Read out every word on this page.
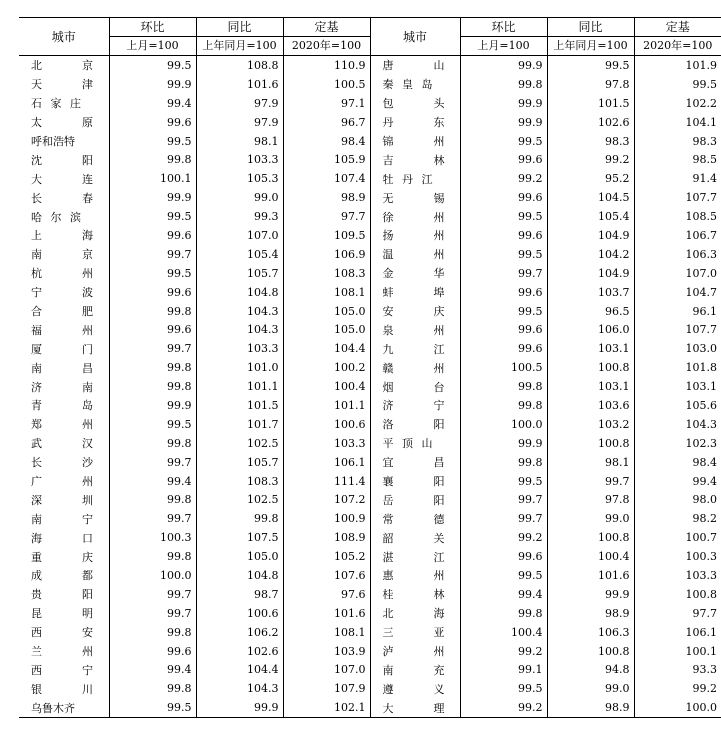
城市	环比	同比	定基	城市	环比	同比	定基
	上月=100	上年同月=100	2020年=100		上月=100	上年同月=100	2020年=100

北 京	99.5	108.8	110.9	唐 山	99.9	99.5	101.9

天 津	99.9	101.6	100.5	秦 皇 岛	99.8	97.8	99.5

石 家 庄	99.4	97.9	97.1	包 头	99.9	101.5	102.2

太 原	99.6	97.9	96.7	丹 东	99.9	102.6	104.1
呼和浩特	99.5	98.1	98.4	锦 州	99.5	98.3	98.3

沈 阳	99.8	103.3	105.9	吉 林	99.6	99.2	98.5

大 连	100.1	105.3	107.4	牡 丹 江	99.2	95.2	91.4

长 春	99.9	99.0	98.9	无 锡	99.6	104.5	107.7

哈 尔 滨	99.5	99.3	97.7	徐 州	99.5	105.4	108.5

上 海	99.6	107.0	109.5	扬 州	99.6	104.9	106.7

南 京	99.7	105.4	106.9	温 州	99.5	104.2	106.3

杭 州	99.5	105.7	108.3	金 华	99.7	104.9	107.0

宁 波	99.6	104.8	108.1	蚌 埠	99.6	103.7	104.7

合 肥	99.8	104.3	105.0	安 庆	99.5	96.5	96.1

福 州	99.6	104.3	105.0	泉 州	99.6	106.0	107.7

厦 门	99.7	103.3	104.4	九 江	99.6	103.1	103.0

南 昌	99.8	101.0	100.2	赣 州	100.5	100.8	101.8

济 南	99.8	101.1	100.4	烟 台	99.8	103.1	103.1

青 岛	99.9	101.5	101.1	济 宁	99.8	103.6	105.6

郑 州	99.5	101.7	100.6	洛 阳	100.0	103.2	104.3

武 汉	99.8	102.5	103.3	平 顶 山	99.9	100.8	102.3

长 沙	99.7	105.7	106.1	宜 昌	99.8	98.1	98.4

广 州	99.4	108.3	111.4	襄 阳	99.5	99.7	99.4

深 圳	99.8	102.5	107.2	岳 阳	99.7	97.8	98.0

南 宁	99.7	99.8	100.9	常 德	99.7	99.0	98.2

海 口	100.3	107.5	108.9	韶 关	99.2	100.8	100.7

重 庆	99.8	105.0	105.2	湛 江	99.6	100.4	100.3

成 都	100.0	104.8	107.6	惠 州	99.5	101.6	103.3

贵 阳	99.7	98.7	97.6	桂 林	99.4	99.9	100.8

昆 明	99.7	100.6	101.6	北 海	99.8	98.9	97.7

西 安	99.8	106.2	108.1	三 亚	100.4	106.3	106.1

兰 州	99.6	102.6	103.9	泸 州	99.2	100.8	100.1

西 宁	99.4	104.4	107.0	南 充	99.1	94.8	93.3

银 川	99.8	104.3	107.9	遵 义	99.5	99.0	99.2
乌鲁木齐	99.5	99.9	102.1	大 理	99.2	98.9	100.0
